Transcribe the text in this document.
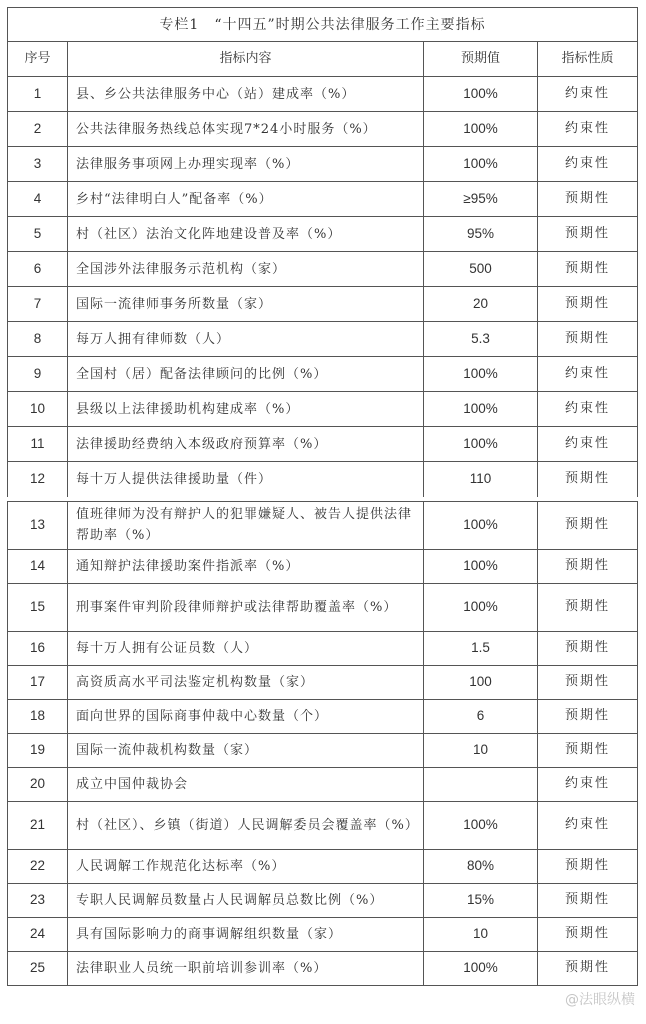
专栏1　“十四五”时期公共法律服务工作主要指标
序号	指标内容	预期值	指标性质
1	县、乡公共法律服务中心（站）建成率（%）	100%	约束性
2	公共法律服务热线总体实现7*24小时服务（%）	100%	约束性
3	法律服务事项网上办理实现率（%）	100%	约束性
4	乡村“法律明白人”配备率（%）	≥95%	预期性
5	村（社区）法治文化阵地建设普及率（%）	95%	预期性
6	全国涉外法律服务示范机构（家）	500	预期性
7	国际一流律师事务所数量（家）	20	预期性
8	每万人拥有律师数（人）	5.3	预期性
9	全国村（居）配备法律顾问的比例（%）	100%	约束性
10	县级以上法律援助机构建成率（%）	100%	约束性
11	法律援助经费纳入本级政府预算率（%）	100%	约束性
12	每十万人提供法律援助量（件）	110	预期性
13	值班律师为没有辩护人的犯罪嫌疑人、被告人提供法律帮助率（%）	100%	预期性
14	通知辩护法律援助案件指派率（%）	100%	预期性
15	刑事案件审判阶段律师辩护或法律帮助覆盖率（%）	100%	预期性
16	每十万人拥有公证员数（人）	1.5	预期性
17	高资质高水平司法鉴定机构数量（家）	100	预期性
18	面向世界的国际商事仲裁中心数量（个）	6	预期性
19	国际一流仲裁机构数量（家）	10	预期性
20	成立中国仲裁协会		约束性
21	村（社区）、乡镇（街道）人民调解委员会覆盖率（%）	100%	约束性
22	人民调解工作规范化达标率（%）	80%	预期性
23	专职人民调解员数量占人民调解员总数比例（%）	15%	预期性
24	具有国际影响力的商事调解组织数量（家）	10	预期性
25	法律职业人员统一职前培训参训率（%）	100%	预期性
@法眼纵横
